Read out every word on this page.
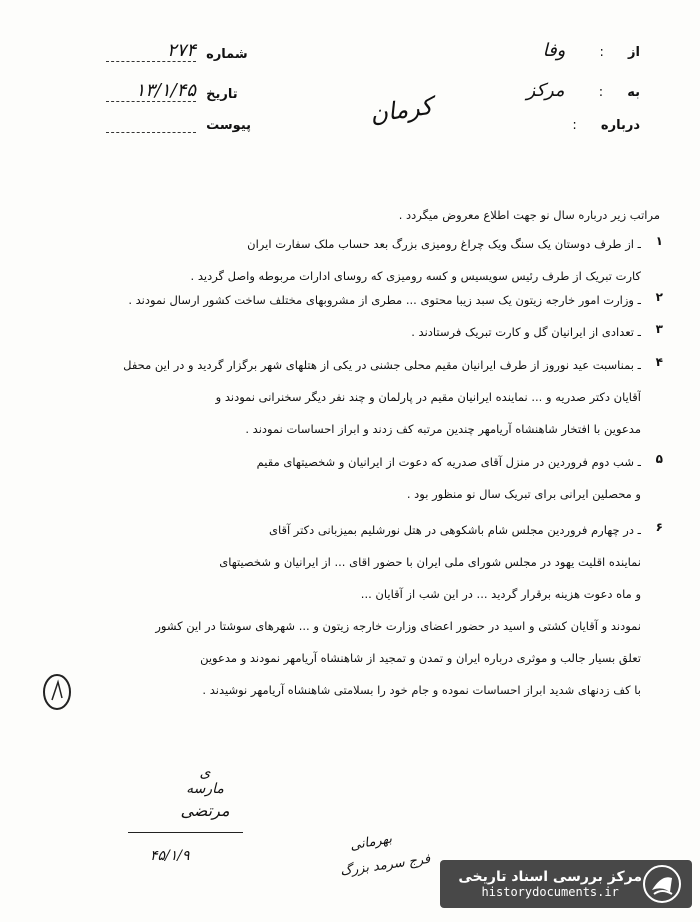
از : وفا
به : مرکز
درباره :
شماره ۲۷۴
تاریخ ۱۳/۱/۴۵
پیوست	کرمان
مراتب زیر درباره سال نو جهت اطلاع معروض میگردد .
۱
ـ از طرف دوستان یک سنگ ویک چراغ رومیزی بزرگ بعد حساب ملک سفارت ایران
کارت تبریک از طرف رئیس سویسیس و کسه رومیزی که روسای ادارات مربوطه واصل گردید .
۲
ـ وزارت امور خارجه زیتون یک سبد زیبا محتوی ... مطری از مشروبهای مختلف ساخت کشور ارسال نمودند .
۳
ـ تعدادی از ایرانیان گل و کارت تبریک فرستادند .
۴
ـ بمناسبت عید نوروز از طرف ایرانیان مقیم محلی جشنی در یکی از هتلهای شهر برگزار گردید و در این محفل
آقایان دکتر صدریه و ... نماینده ایرانیان مقیم در پارلمان و چند نفر دیگر سخنرانی نمودند و
مدعوین با افتخار شاهنشاه آریامهر چندین مرتبه کف زدند و ابراز احساسات نمودند .
۵
ـ شب دوم فروردین در منزل آقای صدریه که دعوت از ایرانیان و شخصیتهای مقیم
و محصلین ایرانی برای تبریک سال نو منظور بود .
۶
ـ در چهارم فروردین مجلس شام باشکوهی در هتل نورشلیم بمیزبانی دکتر آقای
نماینده اقلیت یهود در مجلس شورای ملی ایران با حضور اقای ... از ایرانیان و شخصیتهای
و ماه دعوت هزینه برقرار گردید ... در این شب از آقایان ...
نمودند و آقایان کشتی و اسید در حضور اعضای وزارت خارجه زیتون و ... شهرهای سوشتا در این کشور
تعلق بسیار جالب و موثری درباره ایران و تمدن و تمجید از شاهنشاه آریامهر نمودند و مدعوین
با کف زدنهای شدید ابراز احساسات نموده و جام خود را بسلامتی شاهنشاه آریامهر نوشیدند .
ی
مارسه
مرتضی
۴۵/۱/۹
بهرمانی
فرج سرمد بزرگ مرکز بررسی اسناد تاریخی
historydocuments.ir
